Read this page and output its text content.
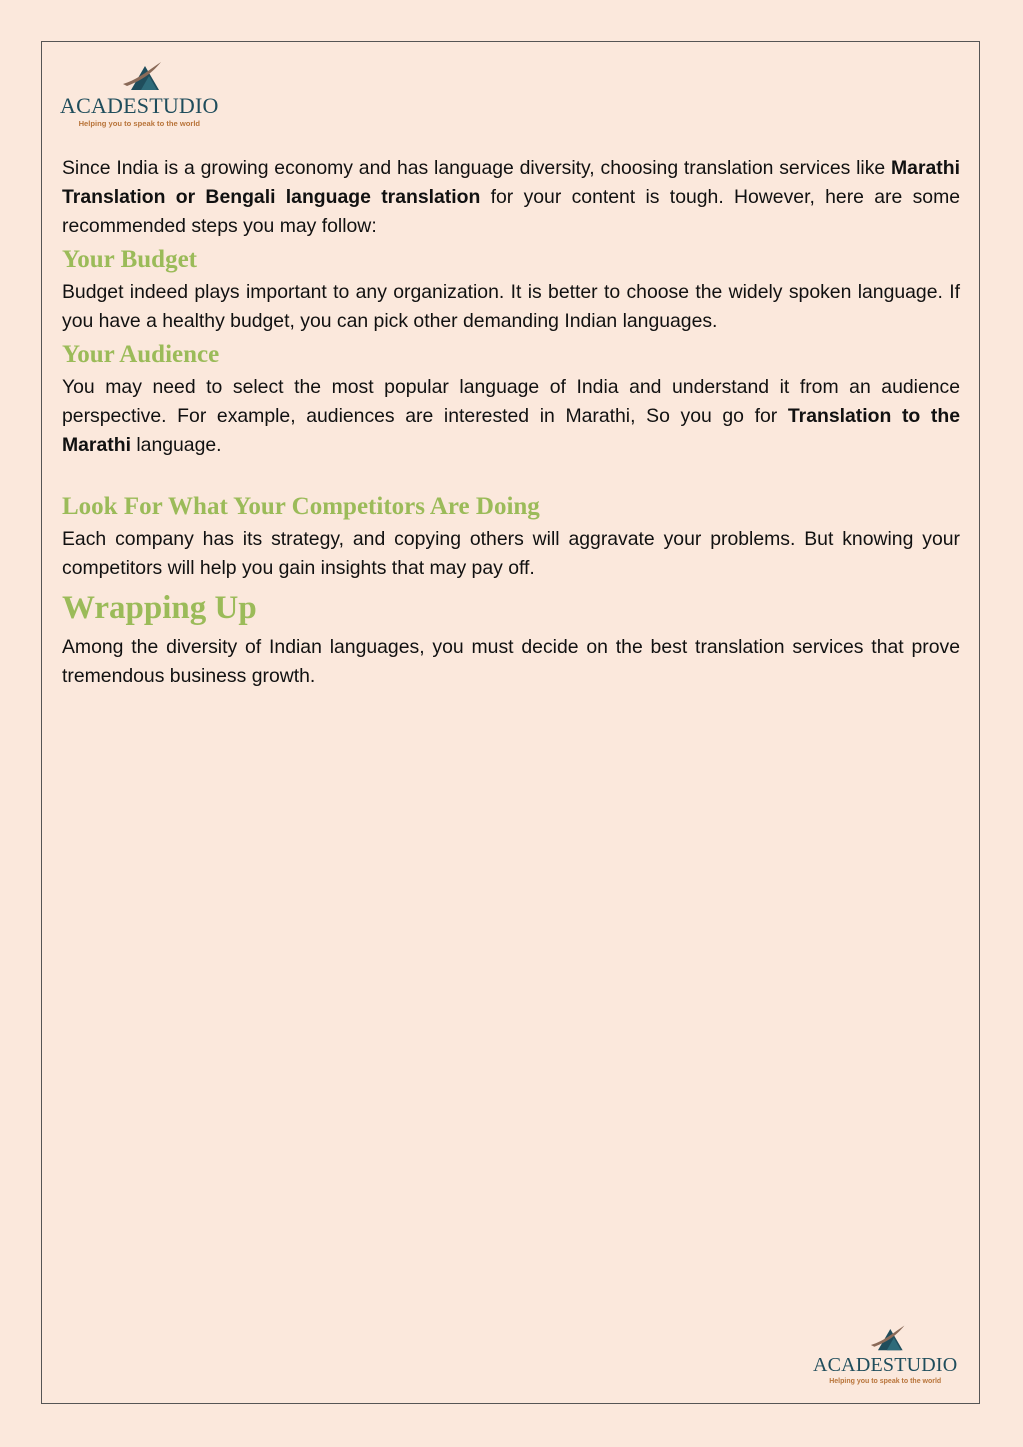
ACADESTUDIO
Helping you to speak to the world

Since India is a growing economy and has language diversity, choosing translation services like Marathi Translation or Bengali language translation for your content is tough. However, here are some recommended steps you may follow:

Your Budget

Budget indeed plays important to any organization. It is better to choose the widely spoken language. If you have a healthy budget, you can pick other demanding Indian languages.

Your Audience

You may need to select the most popular language of India and understand it from an audience perspective. For example, audiences are interested in Marathi, So you go for Translation to the Marathi language.

Look For What Your Competitors Are Doing

Each company has its strategy, and copying others will aggravate your problems. But knowing your competitors will help you gain insights that may pay off.

Wrapping Up

Among the diversity of Indian languages, you must decide on the best translation services that prove tremendous business growth.

ACADESTUDIO
Helping you to speak to the world
